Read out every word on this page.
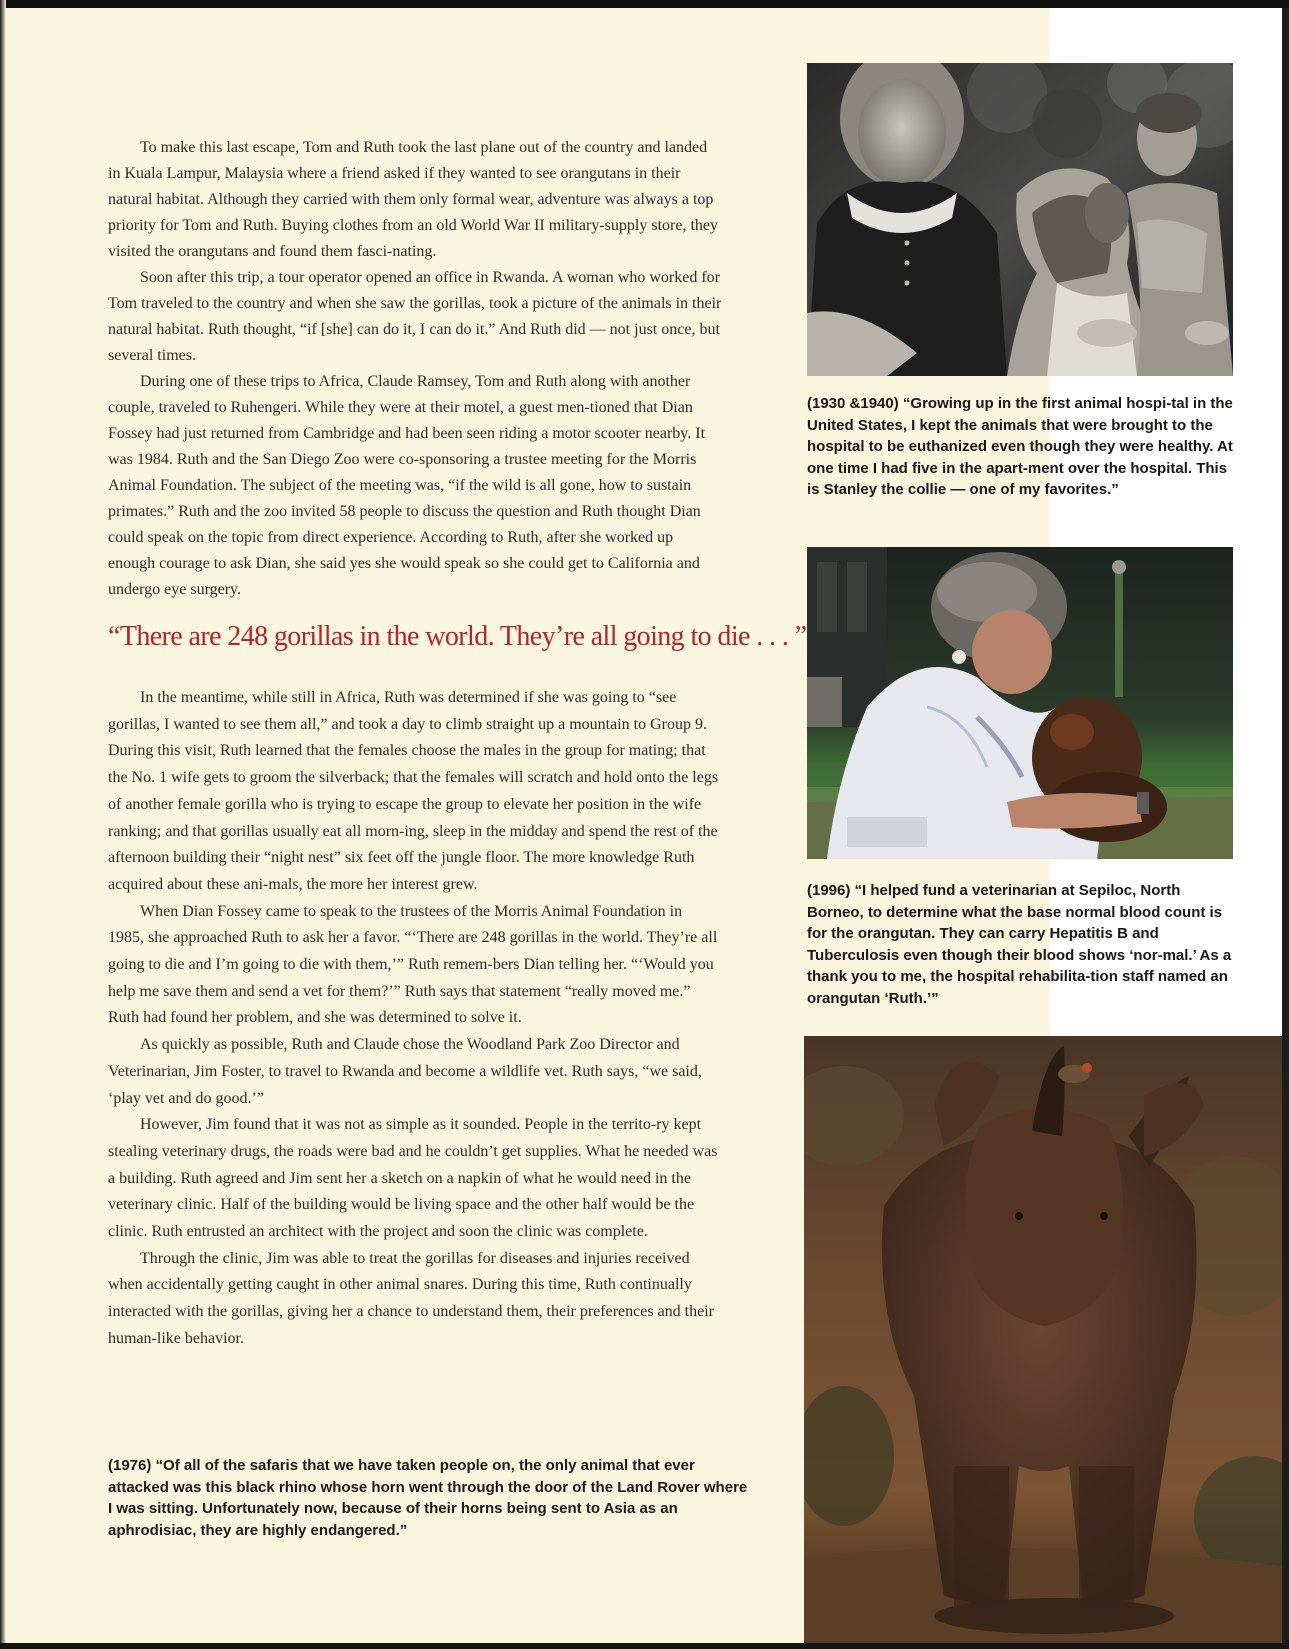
To make this last escape, Tom and Ruth took the last plane out of the country and landed in Kuala Lampur, Malaysia where a friend asked if they wanted to see orangutans in their natural habitat. Although they carried with them only formal wear, adventure was always a top priority for Tom and Ruth. Buying clothes from an old World War II military-supply store, they visited the orangutans and found them fasci-nating.

Soon after this trip, a tour operator opened an office in Rwanda. A woman who worked for Tom traveled to the country and when she saw the gorillas, took a picture of the animals in their natural habitat. Ruth thought, “if [she] can do it, I can do it.” And Ruth did — not just once, but several times.

During one of these trips to Africa, Claude Ramsey, Tom and Ruth along with another couple, traveled to Ruhengeri. While they were at their motel, a guest men-tioned that Dian Fossey had just returned from Cambridge and had been seen riding a motor scooter nearby. It was 1984. Ruth and the San Diego Zoo were co-sponsoring a trustee meeting for the Morris Animal Foundation. The subject of the meeting was, “if the wild is all gone, how to sustain primates.” Ruth and the zoo invited 58 people to discuss the question and Ruth thought Dian could speak on the topic from direct experience. According to Ruth, after she worked up enough courage to ask Dian, she said yes she would speak so she could get to California and undergo eye surgery.

“There are 248 gorillas in the world. They’re all going to die . . . ”

In the meantime, while still in Africa, Ruth was determined if she was going to “see gorillas, I wanted to see them all,” and took a day to climb straight up a mountain to Group 9. During this visit, Ruth learned that the females choose the males in the group for mating; that the No. 1 wife gets to groom the silverback; that the females will scratch and hold onto the legs of another female gorilla who is trying to escape the group to elevate her position in the wife ranking; and that gorillas usually eat all morn-ing, sleep in the midday and spend the rest of the afternoon building their “night nest” six feet off the jungle floor. The more knowledge Ruth acquired about these ani-mals, the more her interest grew.

When Dian Fossey came to speak to the trustees of the Morris Animal Foundation in 1985, she approached Ruth to ask her a favor. “‘There are 248 gorillas in the world. They’re all going to die and I’m going to die with them,’” Ruth remem-bers Dian telling her. “‘Would you help me save them and send a vet for them?’” Ruth says that statement “really moved me.” Ruth had found her problem, and she was determined to solve it.

As quickly as possible, Ruth and Claude chose the Woodland Park Zoo Director and Veterinarian, Jim Foster, to travel to Rwanda and become a wildlife vet. Ruth says, “we said, ‘play vet and do good.’”

However, Jim found that it was not as simple as it sounded. People in the territo-ry kept stealing veterinary drugs, the roads were bad and he couldn’t get supplies. What he needed was a building. Ruth agreed and Jim sent her a sketch on a napkin of what he would need in the veterinary clinic. Half of the building would be living space and the other half would be the clinic. Ruth entrusted an architect with the project and soon the clinic was complete.

Through the clinic, Jim was able to treat the gorillas for diseases and injuries received when accidentally getting caught in other animal snares. During this time, Ruth continually interacted with the gorillas, giving her a chance to understand them, their preferences and their human-like behavior.

(1976) “Of all of the safaris that we have taken people on, the only animal that ever attacked was this black rhino whose horn went through the door of the Land Rover where I was sitting. Unfortunately now, because of their horns being sent to Asia as an aphrodisiac, they are highly endangered.”
(1930 &1940) “Growing up in the first animal hospi-tal in the United States, I kept the animals that were brought to the hospital to be euthanized even though they were healthy. At one time I had five in the apart-ment over the hospital. This is Stanley the collie — one of my favorites.”
(1996) “I helped fund a veterinarian at Sepiloc, North Borneo, to determine what the base normal blood count is for the orangutan. They can carry Hepatitis B and Tuberculosis even though their blood shows ‘nor-mal.’ As a thank you to me, the hospital rehabilita-tion staff named an orangutan ‘Ruth.’”
